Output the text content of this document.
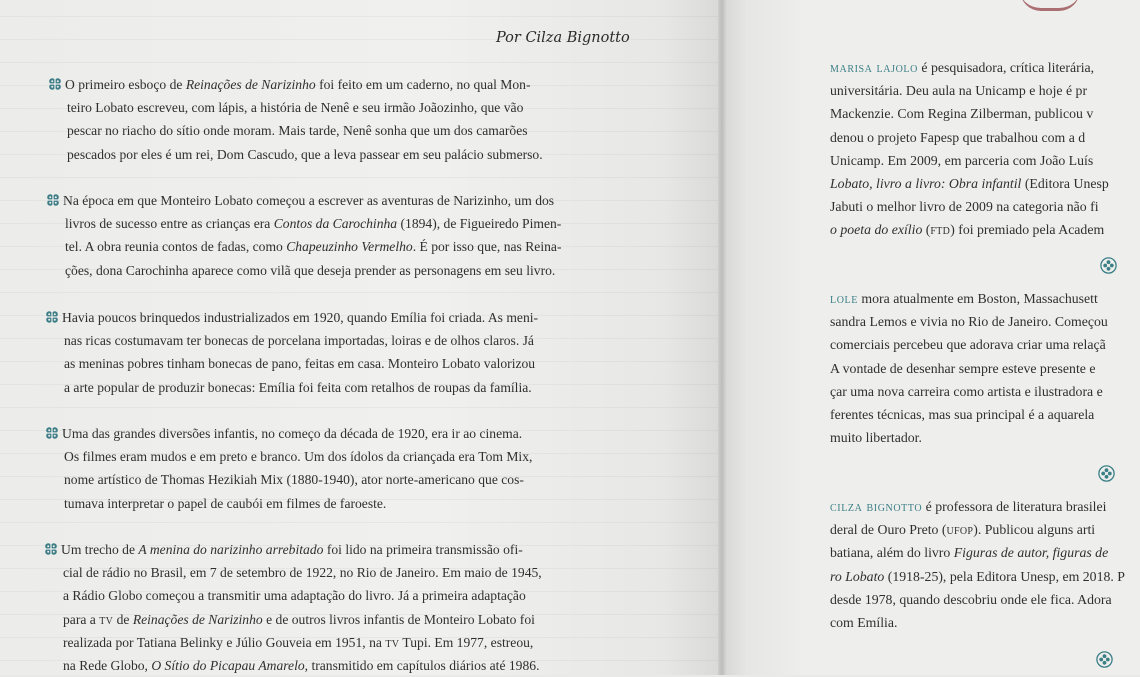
Por Cilza Bignotto
O primeiro esboço de Reinações de Narizinho foi feito em um caderno, no qual Mon-
teiro Lobato escreveu, com lápis, a história de Nenê e seu irmão Joãozinho, que vão
pescar no riacho do sítio onde moram. Mais tarde, Nenê sonha que um dos camarões
pescados por eles é um rei, Dom Cascudo, que a leva passear em seu palácio submerso.
Na época em que Monteiro Lobato começou a escrever as aventuras de Narizinho, um dos
livros de sucesso entre as crianças era Contos da Carochinha (1894), de Figueiredo Pimen-
tel. A obra reunia contos de fadas, como Chapeuzinho Vermelho. É por isso que, nas Reina-
ções, dona Carochinha aparece como vilã que deseja prender as personagens em seu livro.
Havia poucos brinquedos industrializados em 1920, quando Emília foi criada. As meni-
nas ricas costumavam ter bonecas de porcelana importadas, loiras e de olhos claros. Já
as meninas pobres tinham bonecas de pano, feitas em casa. Monteiro Lobato valorizou
a arte popular de produzir bonecas: Emília foi feita com retalhos de roupas da família.
Uma das grandes diversões infantis, no começo da década de 1920, era ir ao cinema.
Os filmes eram mudos e em preto e branco. Um dos ídolos da criançada era Tom Mix,
nome artístico de Thomas Hezikiah Mix (1880-1940), ator norte-americano que cos-
tumava interpretar o papel de caubói em filmes de faroeste.
Um trecho de A menina do narizinho arrebitado foi lido na primeira transmissão ofi-
cial de rádio no Brasil, em 7 de setembro de 1922, no Rio de Janeiro. Em maio de 1945,
a Rádio Globo começou a transmitir uma adaptação do livro. Já a primeira adaptação
para a tv de Reinações de Narizinho e de outros livros infantis de Monteiro Lobato foi
realizada por Tatiana Belinky e Júlio Gouveia em 1951, na tv Tupi. Em 1977, estreou,
na Rede Globo, O Sítio do Picapau Amarelo, transmitido em capítulos diários até 1986.
marisa lajolo é pesquisadora, crítica literária,
universitária. Deu aula na Unicamp e hoje é pr
Mackenzie. Com Regina Zilberman, publicou v
denou o projeto Fapesp que trabalhou com a d
Unicamp. Em 2009, em parceria com João Luís
Lobato, livro a livro: Obra infantil (Editora Unesp
Jabuti o melhor livro de 2009 na categoria não fi
o poeta do exílio (ftd) foi premiado pela Academ
lole mora atualmente em Boston, Massachusett
sandra Lemos e vivia no Rio de Janeiro. Começou
comerciais percebeu que adorava criar uma relaçã
A vontade de desenhar sempre esteve presente e
çar uma nova carreira como artista e ilustradora e
ferentes técnicas, mas sua principal é a aquarela
muito libertador.
cilza bignotto é professora de literatura brasilei
deral de Ouro Preto (ufop). Publicou alguns arti
batiana, além do livro Figuras de autor, figuras de
ro Lobato (1918-25), pela Editora Unesp, em 2018. P
desde 1978, quando descobriu onde ele fica. Adora
com Emília.
